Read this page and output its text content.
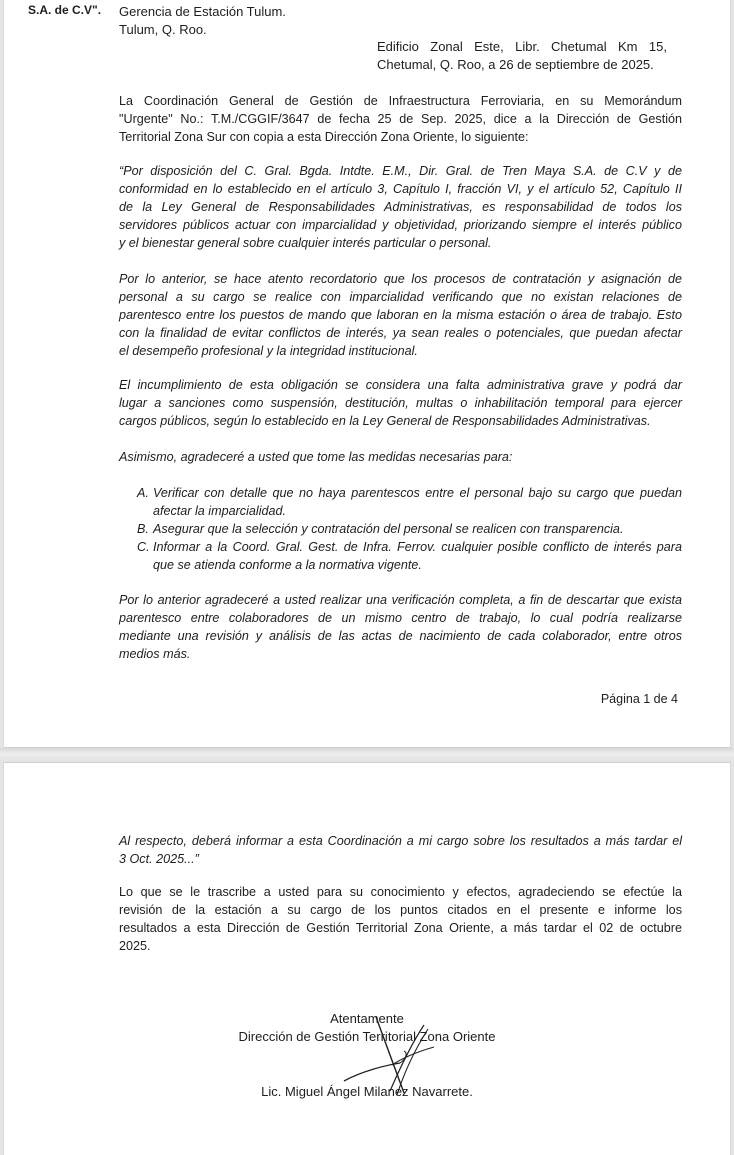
S.A. de C.V". Gerencia de Estación Tulum.
Tulum, Q. Roo.
Edificio Zonal Este, Libr. Chetumal Km 15,
Chetumal, Q. Roo, a 26 de septiembre de 2025.
La Coordinación General de Gestión de Infraestructura Ferroviaria, en su Memorándum
"Urgente" No.: T.M./CGGIF/3647 de fecha 25 de Sep. 2025, dice a la Dirección de Gestión
Territorial Zona Sur con copia a esta Dirección Zona Oriente, lo siguiente:
“Por disposición del C. Gral. Bgda. Intdte. E.M., Dir. Gral. de Tren Maya S.A. de C.V y de
conformidad en lo establecido en el artículo 3, Capítulo I, fracción VI, y el artículo 52, Capítulo II
de la Ley General de Responsabilidades Administrativas, es responsabilidad de todos los
servidores públicos actuar con imparcialidad y objetividad, priorizando siempre el interés público
y el bienestar general sobre cualquier interés particular o personal.
Por lo anterior, se hace atento recordatorio que los procesos de contratación y asignación de
personal a su cargo se realice con imparcialidad verificando que no existan relaciones de
parentesco entre los puestos de mando que laboran en la misma estación o área de trabajo. Esto
con la finalidad de evitar conflictos de interés, ya sean reales o potenciales, que puedan afectar
el desempeño profesional y la integridad institucional.
El incumplimiento de esta obligación se considera una falta administrativa grave y podrá dar
lugar a sanciones como suspensión, destitución, multas o inhabilitación temporal para ejercer
cargos públicos, según lo establecido en la Ley General de Responsabilidades Administrativas.
Asimismo, agradeceré a usted que tome las medidas necesarias para:
A. Verificar con detalle que no haya parentescos entre el personal bajo su cargo que puedan
afectar la imparcialidad.
B. Asegurar que la selección y contratación del personal se realicen con transparencia.
C. Informar a la Coord. Gral. Gest. de Infra. Ferrov. cualquier posible conflicto de interés para
que se atienda conforme a la normativa vigente.
Por lo anterior agradeceré a usted realizar una verificación completa, a fin de descartar que exista
parentesco entre colaboradores de un mismo centro de trabajo, lo cual podría realizarse
mediante una revisión y análisis de las actas de nacimiento de cada colaborador, entre otros
medios más.
Página 1 de 4
Al respecto, deberá informar a esta Coordinación a mi cargo sobre los resultados a más tardar el
3 Oct. 2025...”
Lo que se le trascribe a usted para su conocimiento y efectos, agradeciendo se efectúe la
revisión de la estación a su cargo de los puntos citados en el presente e informe los
resultados a esta Dirección de Gestión Territorial Zona Oriente, a más tardar el 02 de octubre
2025.
Atentamente
Dirección de Gestión Territorial Zona Oriente
Lic. Miguel Ángel Milanez Navarrete.
